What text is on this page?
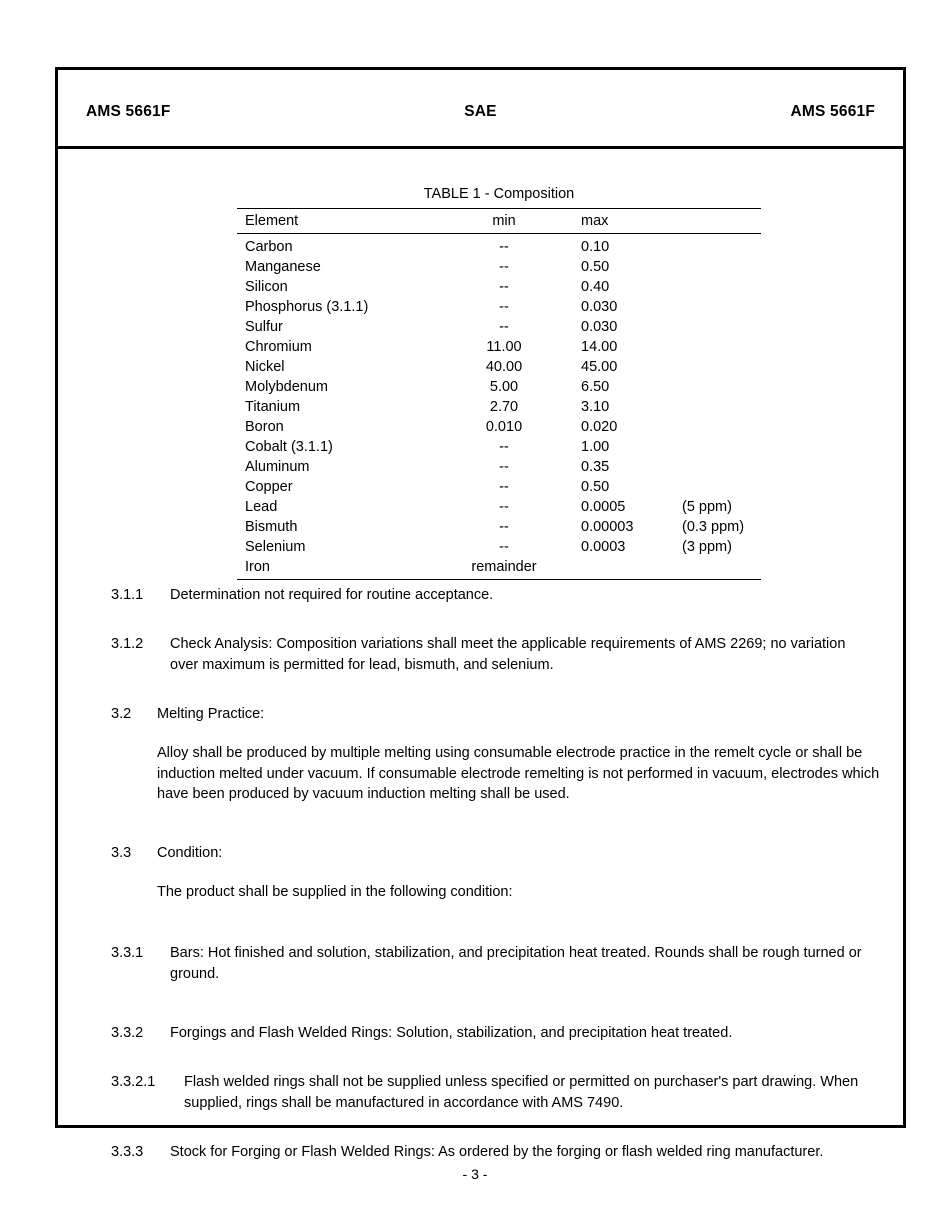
AMS 5661F	SAE	AMS 5661F
TABLE 1 - Composition
Element	min	max	
Carbon	--	0.10	
Manganese	--	0.50	
Silicon	--	0.40	
Phosphorus (3.1.1)	--	0.030	
Sulfur	--	0.030	
Chromium	11.00	14.00	
Nickel	40.00	45.00	
Molybdenum	5.00	6.50	
Titanium	2.70	3.10	
Boron	0.010	0.020	
Cobalt (3.1.1)	--	1.00	
Aluminum	--	0.35	
Copper	--	0.50	
Lead	--	0.0005	(5 ppm)
Bismuth	--	0.00003	(0.3 ppm)
Selenium	--	0.0003	(3 ppm)
Iron	remainder		
3.1.1	Determination not required for routine acceptance.
3.1.2	Check Analysis: Composition variations shall meet the applicable requirements of AMS 2269; no variation over maximum is permitted for lead, bismuth, and selenium.
3.2	Melting Practice:
Alloy shall be produced by multiple melting using consumable electrode practice in the remelt cycle or shall be induction melted under vacuum. If consumable electrode remelting is not performed in vacuum, electrodes which have been produced by vacuum induction melting shall be used.
3.3	Condition:
The product shall be supplied in the following condition:
3.3.1	Bars: Hot finished and solution, stabilization, and precipitation heat treated. Rounds shall be rough turned or ground.
3.3.2	Forgings and Flash Welded Rings: Solution, stabilization, and precipitation heat treated.
3.3.2.1	Flash welded rings shall not be supplied unless specified or permitted on purchaser's part drawing. When supplied, rings shall be manufactured in accordance with AMS 7490.
3.3.3	Stock for Forging or Flash Welded Rings: As ordered by the forging or flash welded ring manufacturer.
- 3 -
